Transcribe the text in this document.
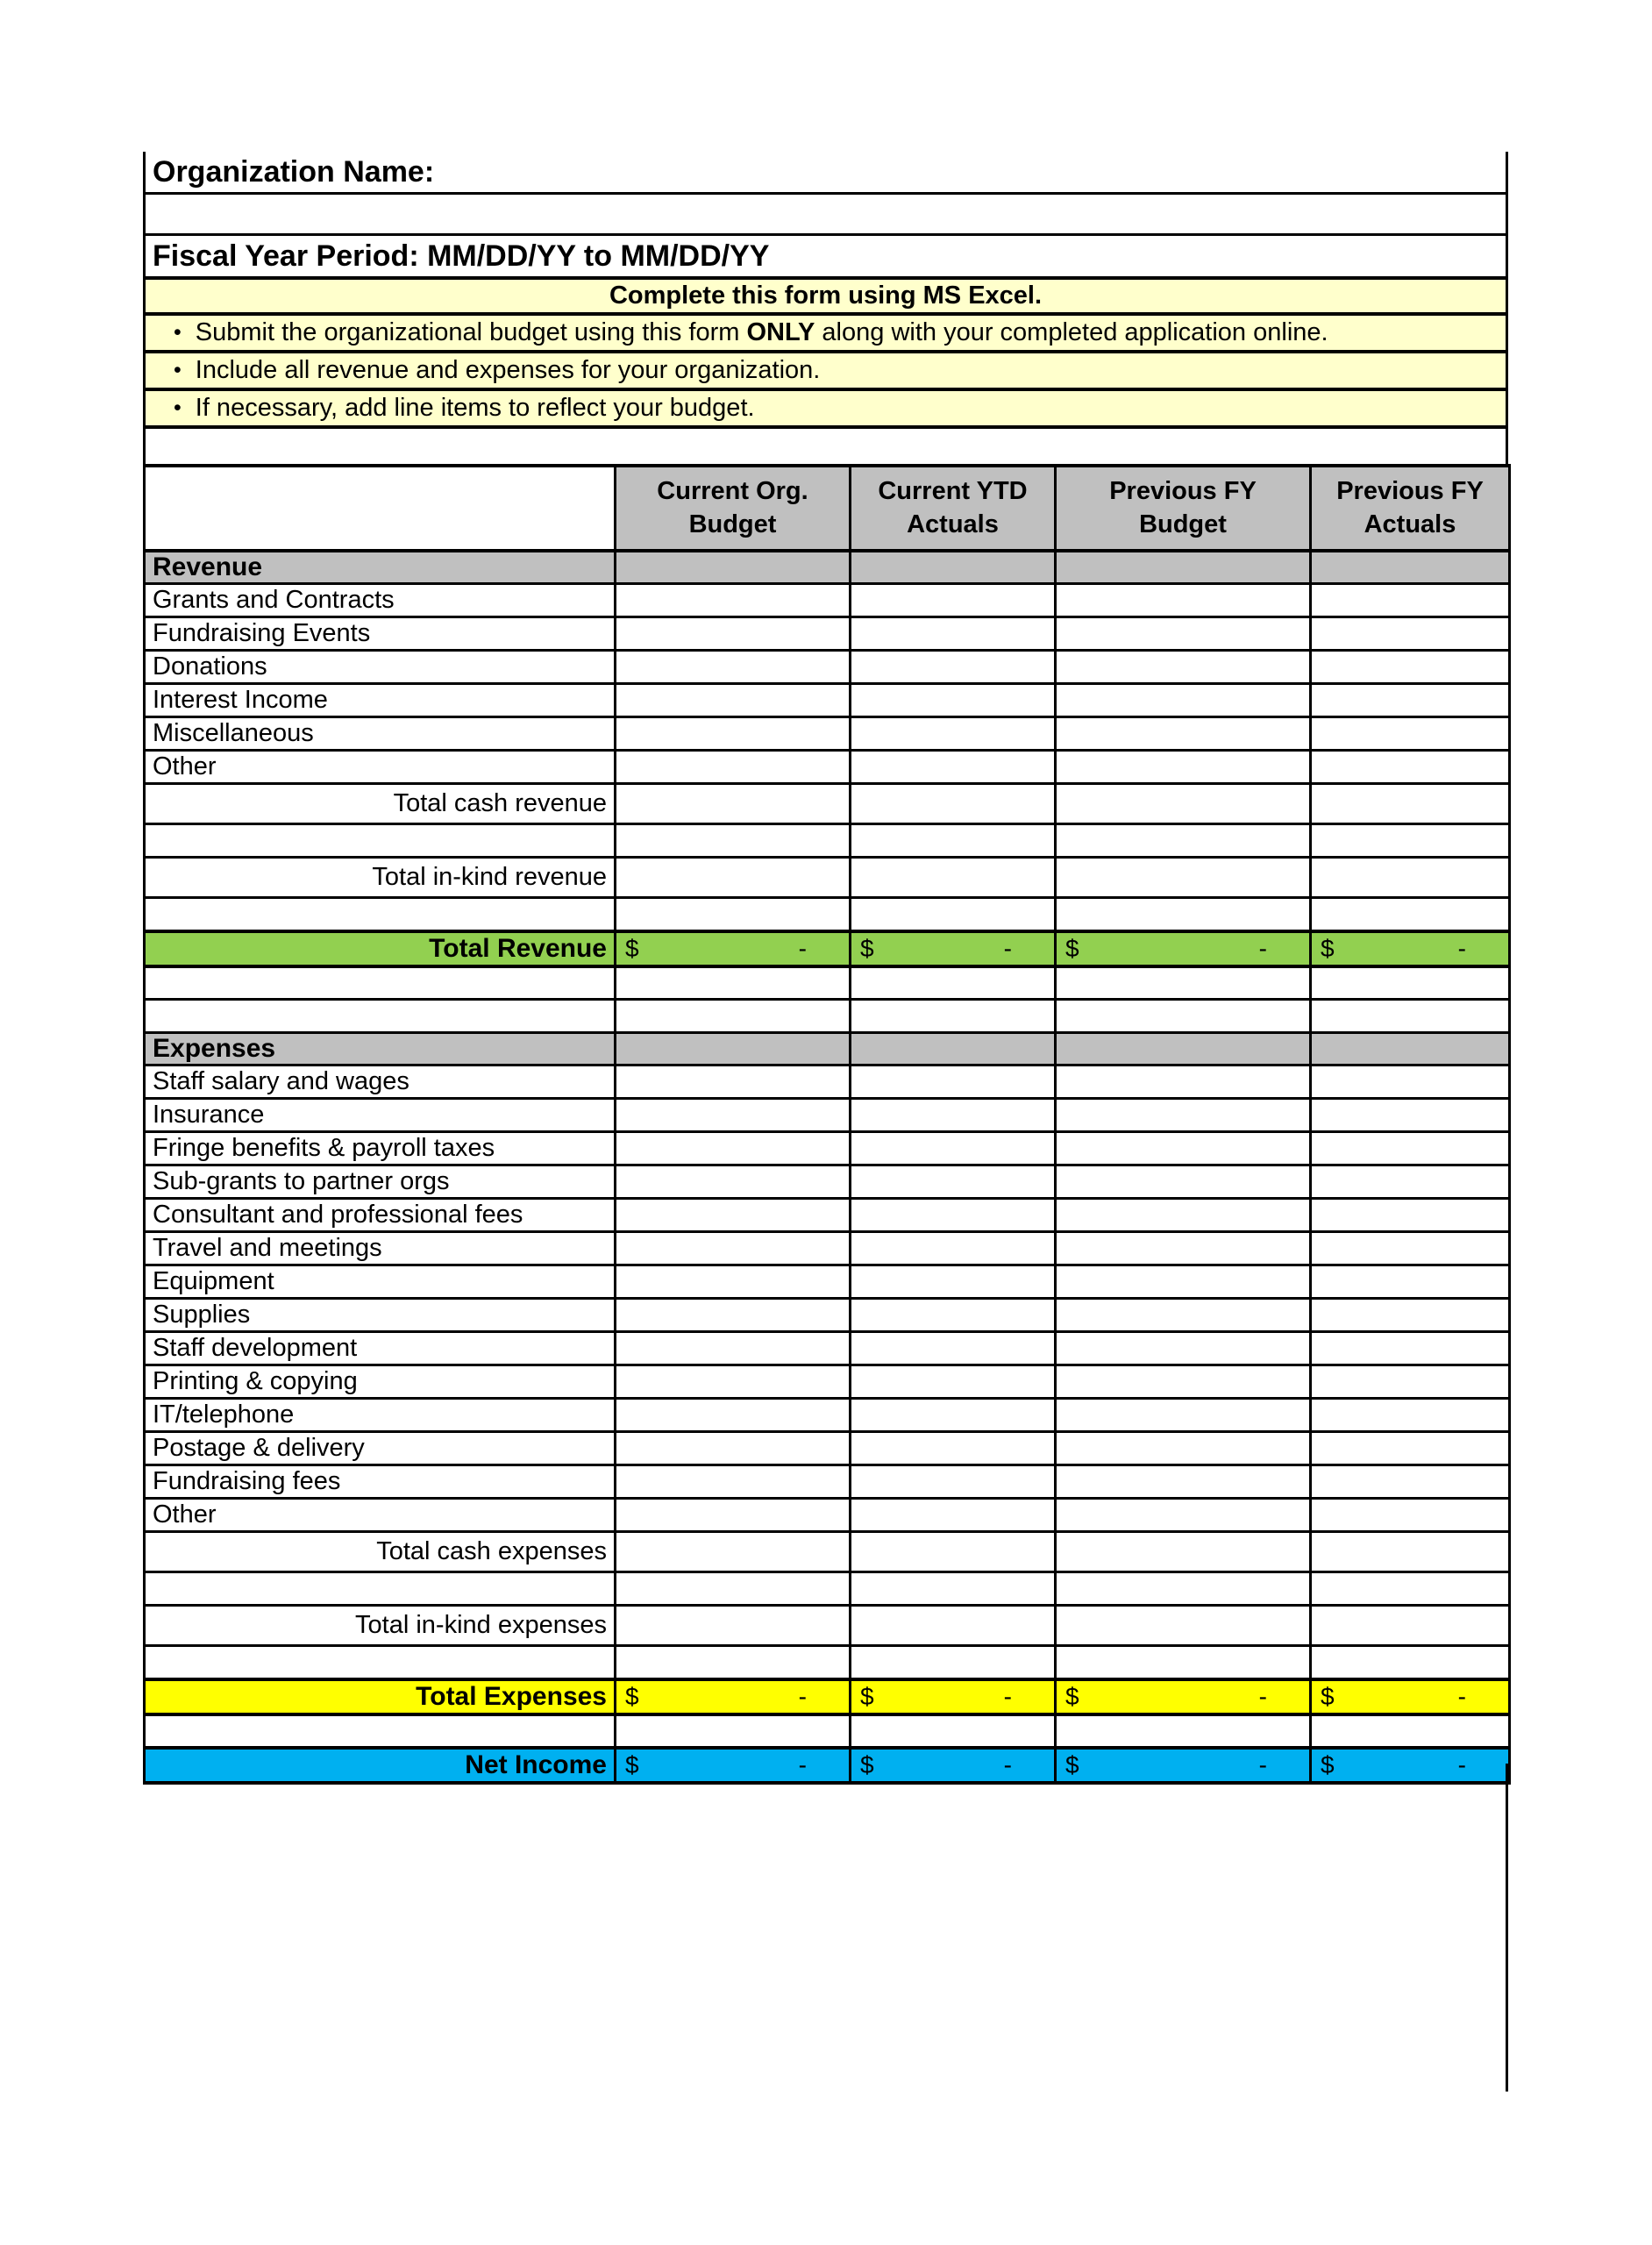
Organization Name:
Fiscal Year Period: MM/DD/YY to MM/DD/YY
Complete this form using MS Excel.
• Submit the organizational budget using this form ONLY along with your completed application online.
• Include all revenue and expenses for your organization.
• If necessary, add line items to reflect your budget.
	Current Org. Budget	Current YTD Actuals	Previous FY Budget	Previous FY Actuals

Revenue				

Grants and Contracts				

Fundraising Events				

Donations				

Interest Income				

Miscellaneous				

Other				

Total cash revenue				

Total in-kind revenue				

Total Revenue	$ -	$ -	$ -	$ -

Expenses				

Staff salary and wages				

Insurance				

Fringe benefits & payroll taxes				

Sub-grants to partner orgs				

Consultant and professional fees				

Travel and meetings				

Equipment				

Supplies				

Staff development				

Printing & copying				

IT/telephone				

Postage & delivery				

Fundraising fees				

Other				

Total cash expenses				

Total in-kind expenses				

Total Expenses	$ -	$ -	$ -	$ -

Net Income	$ -	$ -	$ -	$ -
